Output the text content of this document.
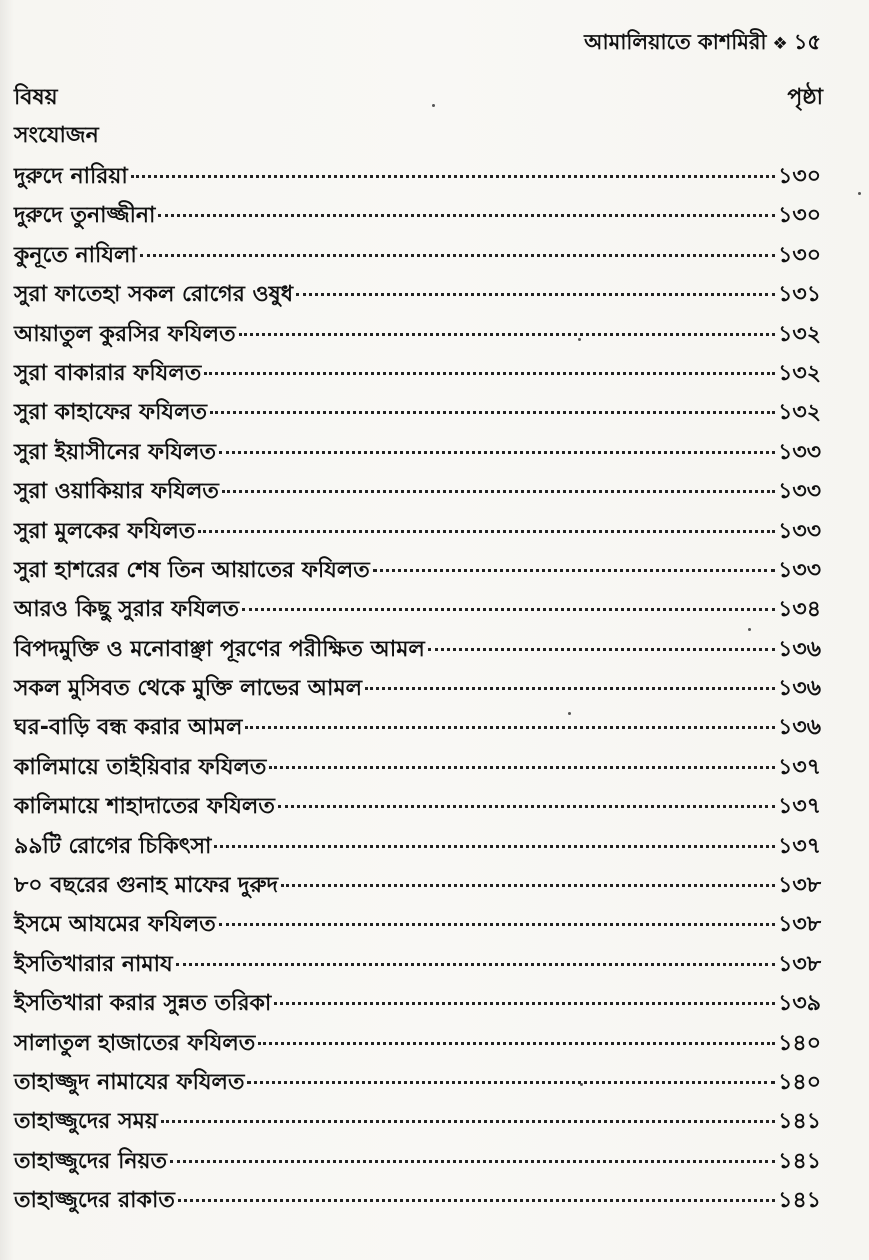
আমালিয়াতে কাশমিরী ❖ ১৫
বিষয়	পৃষ্ঠা
সংযোজন
দুরুদে নারিয়া	১৩০
দুরুদে তুনাজ্জীনা	১৩০
কুনূতে নাযিলা	১৩০
সুরা ফাতেহা সকল রোগের ওষুধ	১৩১
আয়াতুল কুরসির ফযিলত	১৩২
সুরা বাকারার ফযিলত	১৩২
সুরা কাহাফের ফযিলত	১৩২
সুরা ইয়াসীনের ফযিলত	১৩৩
সুরা ওয়াকিয়ার ফযিলত	১৩৩
সুরা মুলকের ফযিলত	১৩৩
সুরা হাশরের শেষ তিন আয়াতের ফযিলত	১৩৩
আরও কিছু সুরার ফযিলত	১৩৪
বিপদমুক্তি ও মনোবাঞ্ছা পূরণের পরীক্ষিত আমল	১৩৬
সকল মুসিবত থেকে মুক্তি লাভের আমল	১৩৬
ঘর-বাড়ি বন্ধ করার আমল	১৩৬
কালিমায়ে তাইয়িবার ফযিলত	১৩৭
কালিমায়ে শাহাদাতের ফযিলত	১৩৭
৯৯টি রোগের চিকিৎসা	১৩৭
৮০ বছরের গুনাহ মাফের দুরুদ	১৩৮
ইসমে আযমের ফযিলত	১৩৮
ইসতিখারার নামায	১৩৮
ইসতিখারা করার সুন্নত তরিকা	১৩৯
সালাতুল হাজাতের ফযিলত	১৪০
তাহাজ্জুদ নামাযের ফযিলত	১৪০
তাহাজ্জুদের সময়	১৪১
তাহাজ্জুদের নিয়ত	১৪১
তাহাজ্জুদের রাকাত	১৪১
